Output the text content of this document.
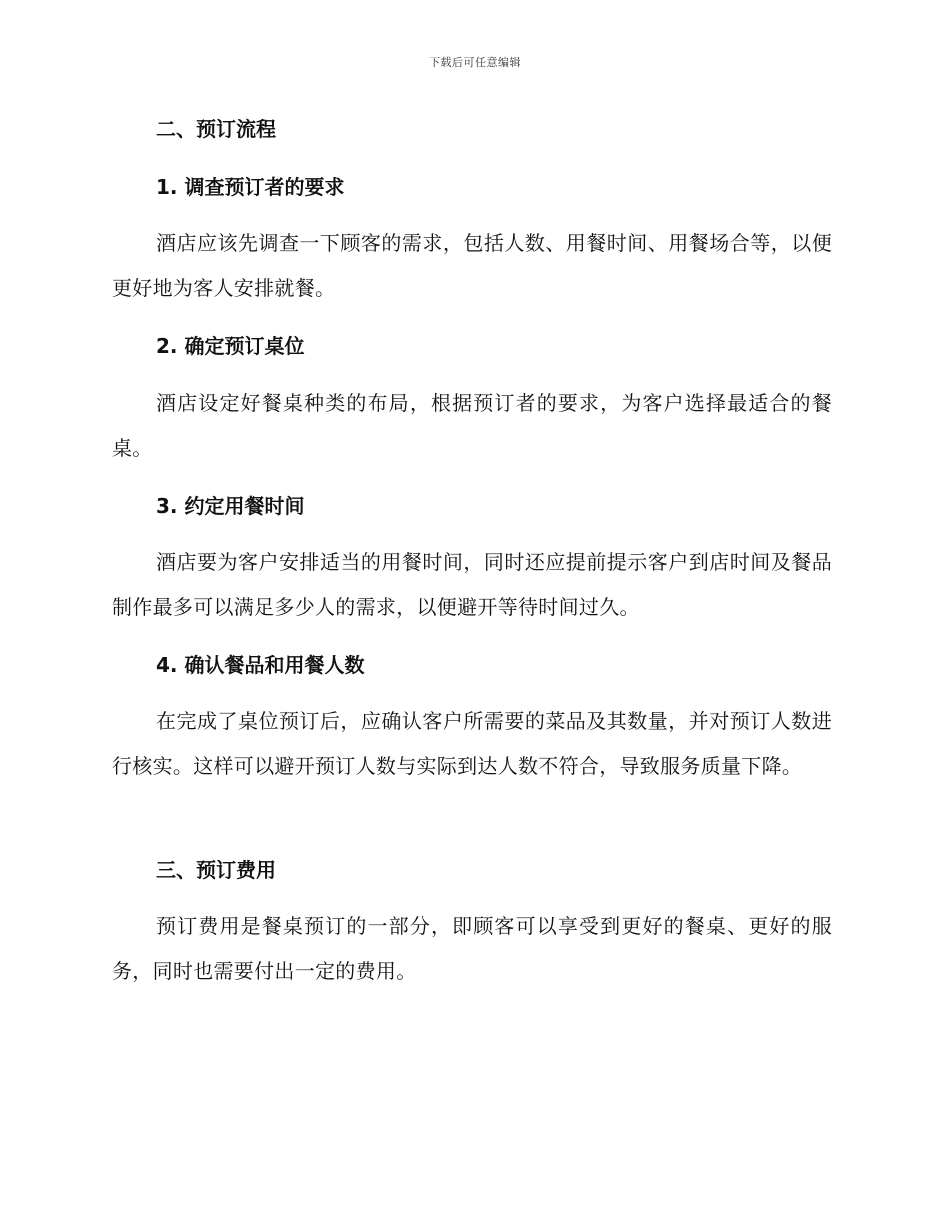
下载后可任意编辑
二、预订流程
1. 调查预订者的要求
酒店应该先调查一下顾客的需求，包括人数、用餐时间、用餐场合等，以便更好地为客人安排就餐。
2. 确定预订桌位
酒店设定好餐桌种类的布局，根据预订者的要求，为客户选择最适合的餐桌。
3. 约定用餐时间
酒店要为客户安排适当的用餐时间，同时还应提前提示客户到店时间及餐品制作最多可以满足多少人的需求，以便避开等待时间过久。
4. 确认餐品和用餐人数
在完成了桌位预订后，应确认客户所需要的菜品及其数量，并对预订人数进行核实。这样可以避开预订人数与实际到达人数不符合，导致服务质量下降。
三、预订费用
预订费用是餐桌预订的一部分，即顾客可以享受到更好的餐桌、更好的服务，同时也需要付出一定的费用。
